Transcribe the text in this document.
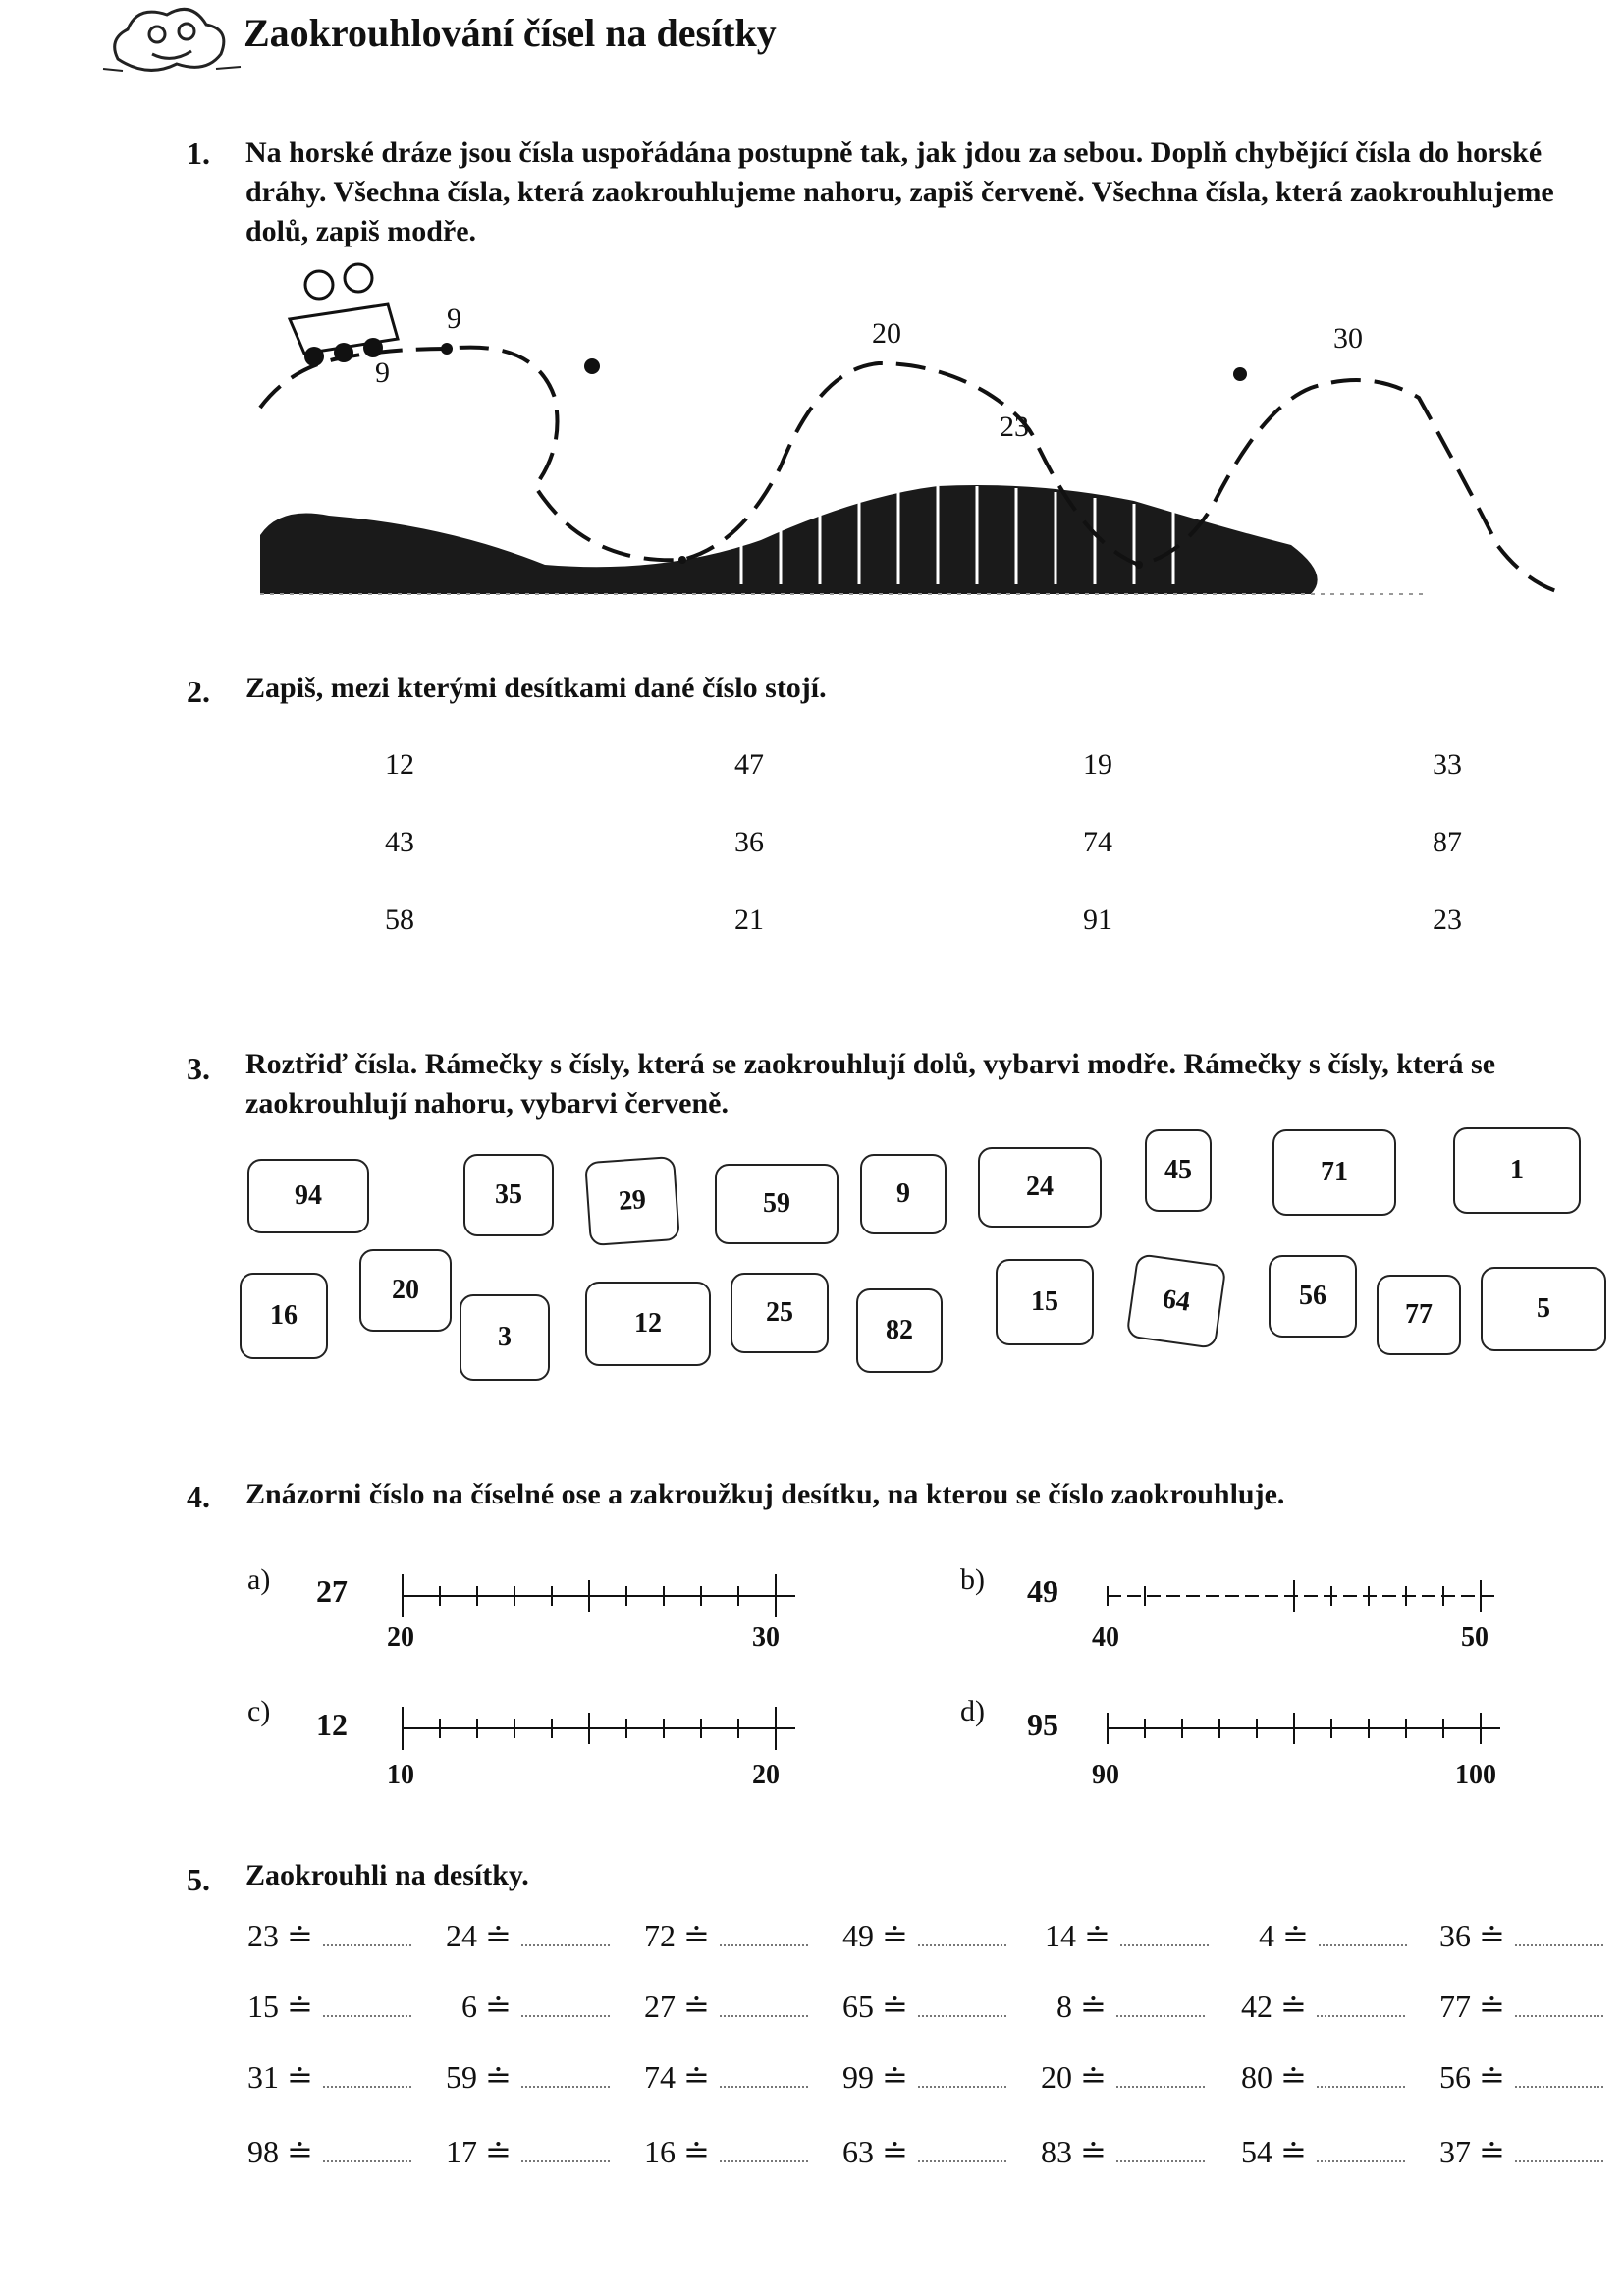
Zaokrouhlování čísel na desítky
1. Na horské dráze jsou čísla uspořádána postupně tak, jak jdou za sebou. Doplň chybějící čísla do horské dráhy. Všechna čísla, která zaokrouhlujeme nahoru, zapiš červeně. Všechna čísla, která zaokrouhlujeme dolů, zapiš modře.
9
9
20
23
30
2. Zapiš, mezi kterými desítkami dané číslo stojí.
12	47	19	33
43	36	74	87
58	21	91	23
3. Roztřiď čísla. Rámečky s čísly, která se zaokrouhlují dolů, vybarvi modře. Rámečky s čísly, která se zaokrouhlují nahoru, vybarvi červeně.
94	35	29	59	9	24
45	71	1
16
20
3	12	25
82
15	64	56
77	5
4. Znázorni číslo na číselné ose a zakroužkuj desítku, na kterou se číslo zaokrouhluje.
a) 27
20	30
b) 49
40	50
c) 12
10	20
d) 95
90	100
5. Zaokrouhli na desítky.
23 ≐	24 ≐	72 ≐	49 ≐	14 ≐	4 ≐	36 ≐
15 ≐	6 ≐	27 ≐	65 ≐	8 ≐	42 ≐	77 ≐
31 ≐	59 ≐	74 ≐	99 ≐	20 ≐	80 ≐	56 ≐
98 ≐	17 ≐	16 ≐	63 ≐	83 ≐	54 ≐	37 ≐
